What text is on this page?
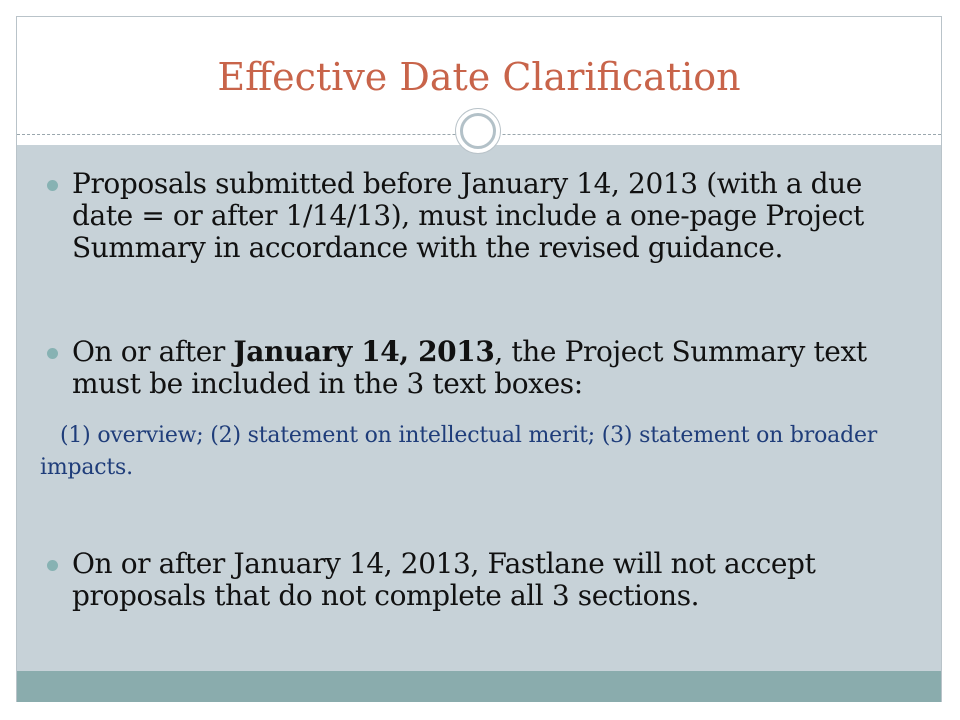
Effective Date Clarification
Proposals submitted before January 14, 2013 (with a due date = or after 1/14/13), must include a one-page Project Summary in accordance with the revised guidance.
On or after January 14, 2013, the Project Summary text must be included in the 3 text boxes:
(1) overview; (2) statement on intellectual merit; (3) statement on broader impacts.
On or after January 14, 2013, Fastlane will not accept proposals that do not complete all 3 sections.
